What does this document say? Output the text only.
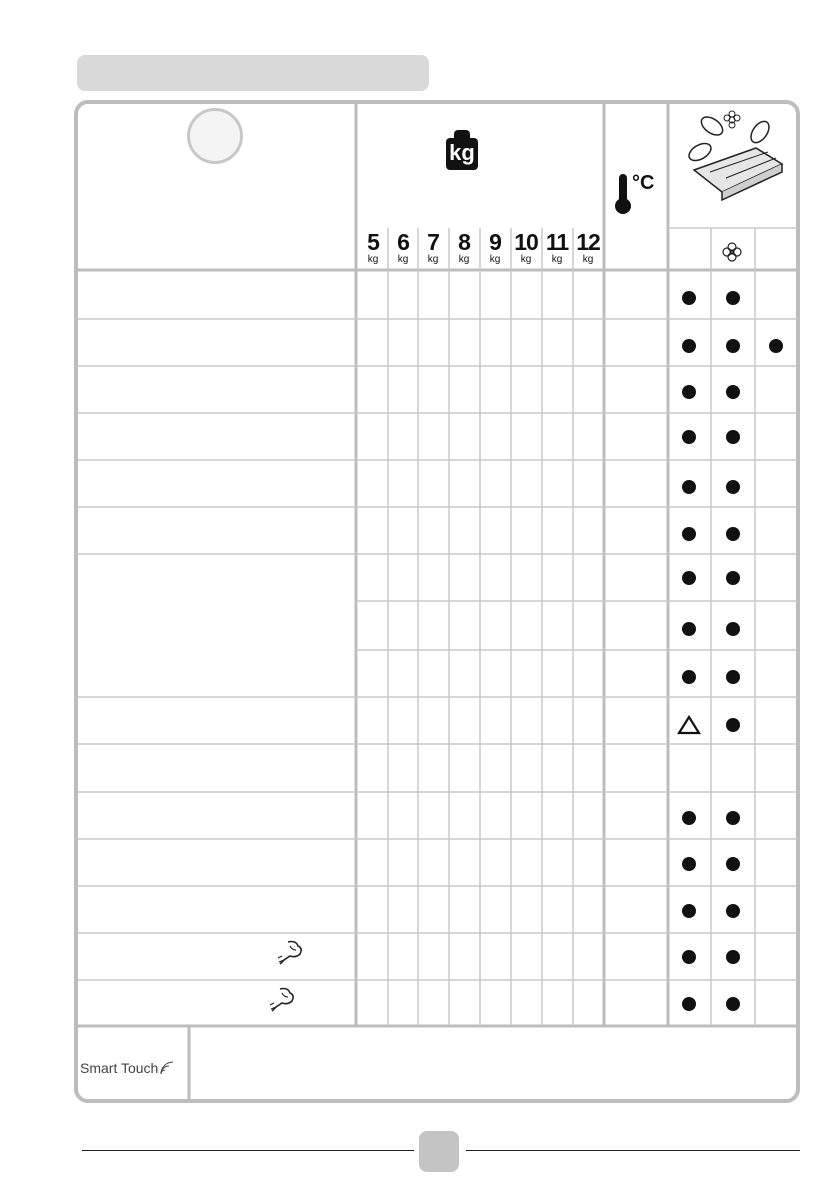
kg
5
kg
6
kg
7
kg
8
kg
9
kg
10
kg
11
kg
12
kg
°C
Smart Touch
